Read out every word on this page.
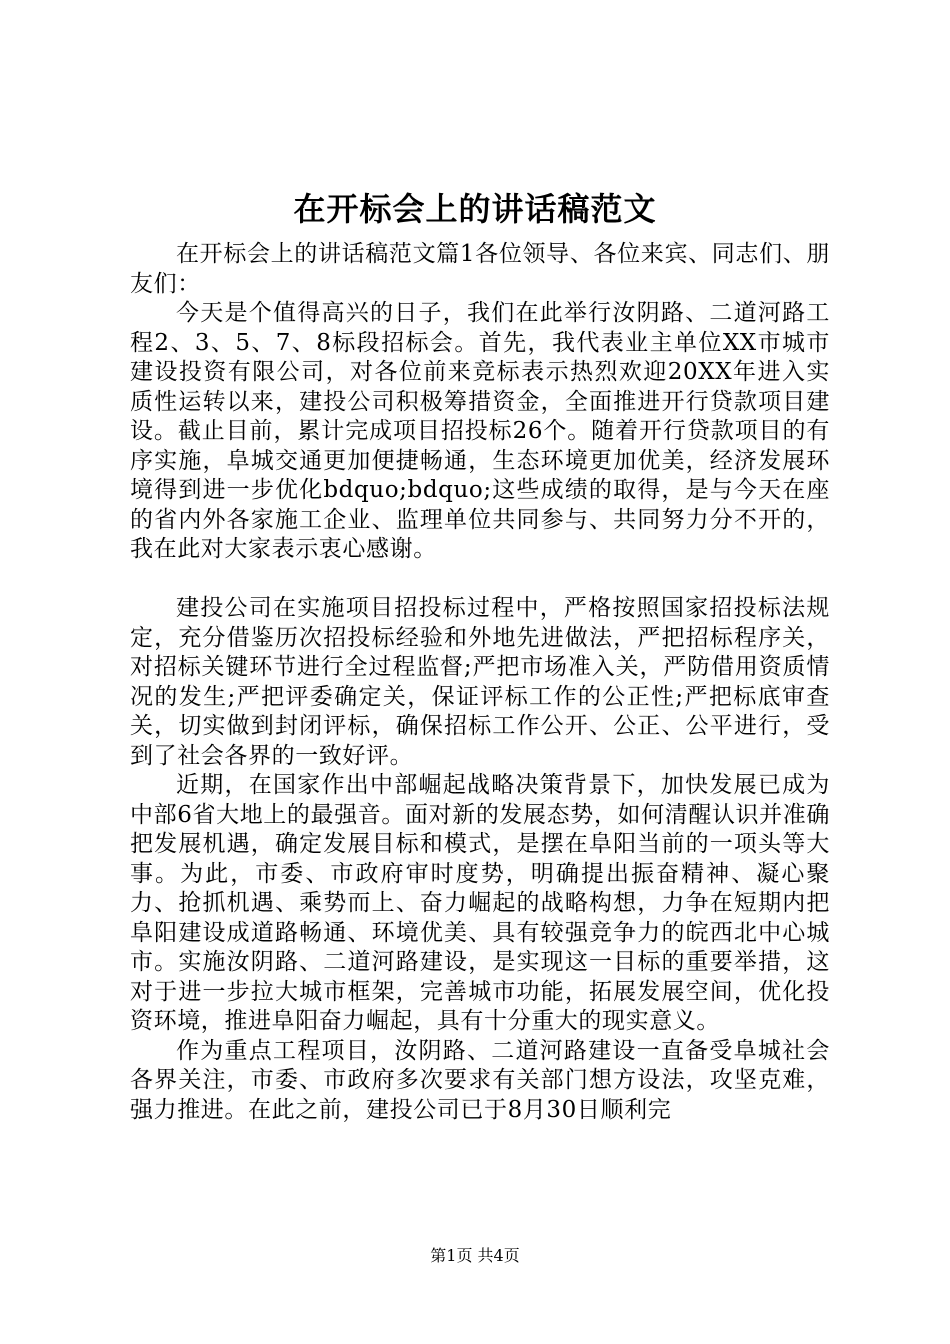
在开标会上的讲话稿范文

在开标会上的讲话稿范文篇1各位领导、各位来宾、同志们、朋友们：

今天是个值得高兴的日子，我们在此举行汝阴路、二道河路工程2、3、5、7、8标段招标会。首先，我代表业主单位XX市城市建设投资有限公司，对各位前来竞标表示热烈欢迎20XX年进入实质性运转以来，建投公司积极筹措资金，全面推进开行贷款项目建设。截止目前，累计完成项目招投标26个。随着开行贷款项目的有序实施，阜城交通更加便捷畅通，生态环境更加优美，经济发展环境得到进一步优化bdquo;bdquo;这些成绩的取得，是与今天在座的省内外各家施工企业、监理单位共同参与、共同努力分不开的，我在此对大家表示衷心感谢。

建投公司在实施项目招投标过程中，严格按照国家招投标法规定，充分借鉴历次招投标经验和外地先进做法，严把招标程序关，对招标关键环节进行全过程监督;严把市场准入关，严防借用资质情况的发生;严把评委确定关，保证评标工作的公正性;严把标底审查关，切实做到封闭评标，确保招标工作公开、公正、公平进行，受到了社会各界的一致好评。

近期，在国家作出中部崛起战略决策背景下，加快发展已成为中部6省大地上的最强音。面对新的发展态势，如何清醒认识并准确把发展机遇，确定发展目标和模式，是摆在阜阳当前的一项头等大事。为此，市委、市政府审时度势，明确提出振奋精神、凝心聚力、抢抓机遇、乘势而上、奋力崛起的战略构想，力争在短期内把阜阳建设成道路畅通、环境优美、具有较强竞争力的皖西北中心城市。实施汝阴路、二道河路建设，是实现这一目标的重要举措，这对于进一步拉大城市框架，完善城市功能，拓展发展空间，优化投资环境，推进阜阳奋力崛起，具有十分重大的现实意义。

作为重点工程项目，汝阴路、二道河路建设一直备受阜城社会各界关注，市委、市政府多次要求有关部门想方设法，攻坚克难，强力推进。在此之前，建投公司已于8月30日顺利完

第1页 共4页
